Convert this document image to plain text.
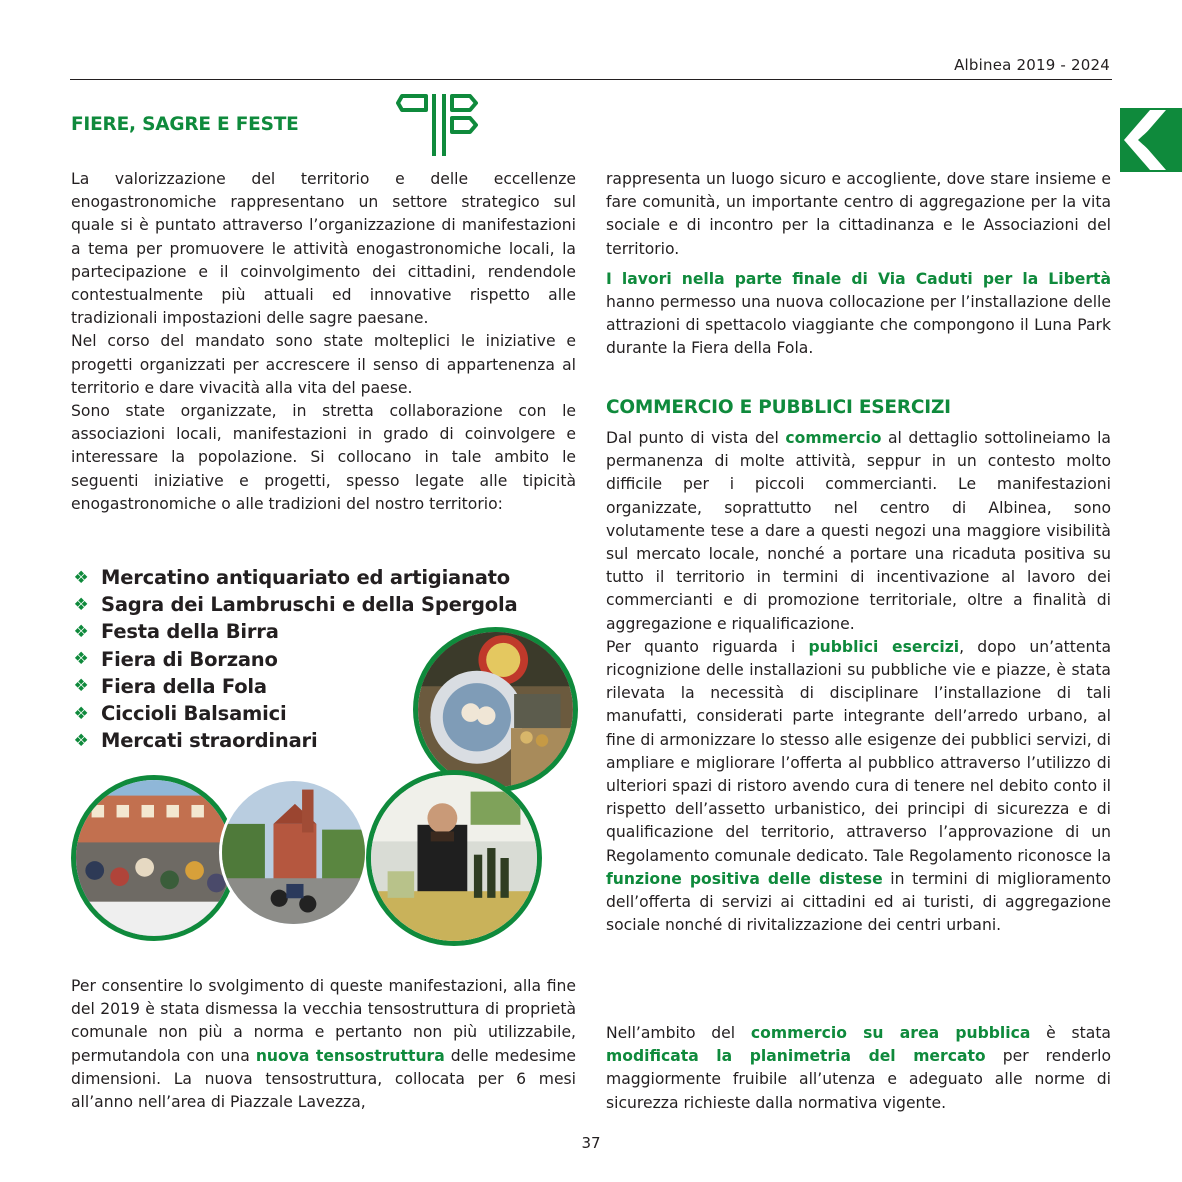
Albinea 2019 - 2024
FIERE, SAGRE E FESTE

La valorizzazione del territorio e delle eccellenze enogastronomiche rappresentano un settore strategico sul quale si è puntato attraverso l’organizzazione di manifestazioni a tema per promuovere le attività enogastronomiche locali, la partecipazione e il coinvolgimento dei cittadini, rendendole contestualmente più attuali ed innovative rispetto alle tradizionali impostazioni delle sagre paesane.

Nel corso del mandato sono state molteplici le iniziative e progetti organizzati per accrescere il senso di appartenenza al territorio e dare vivacità alla vita del paese.

Sono state organizzate, in stretta collaborazione con le associazioni locali, manifestazioni in grado di coinvolgere e interessare la popolazione. Si collocano in tale ambito le seguenti iniziative e progetti, spesso legate alle tipicità enogastronomiche o alle tradizioni del nostro territorio:

❖ Mercatino antiquariato ed artigianato
❖ Sagra dei Lambruschi e della Spergola
❖ Festa della Birra
❖ Fiera di Borzano
❖ Fiera della Fola
❖ Ciccioli Balsamici
❖ Mercati straordinari

Per consentire lo svolgimento di queste manifestazioni, alla fine del 2019 è stata dismessa la vecchia tensostruttura di proprietà comunale non più a norma e pertanto non più utilizzabile, permutandola con una nuova tensostruttura delle medesime dimensioni. La nuova tensostruttura, collocata per 6 mesi all’anno nell’area di Piazzale Lavezza,

rappresenta un luogo sicuro e accogliente, dove stare insieme e fare comunità, un importante centro di aggregazione per la vita sociale e di incontro per la cittadinanza e le Associazioni del territorio.

I lavori nella parte finale di Via Caduti per la Libertà hanno permesso una nuova collocazione per l’installazione delle attrazioni di spettacolo viaggiante che compongono il Luna Park durante la Fiera della Fola.

COMMERCIO E PUBBLICI ESERCIZI

Dal punto di vista del commercio al dettaglio sottolineiamo la permanenza di molte attività, seppur in un contesto molto difficile per i piccoli commercianti. Le manifestazioni organizzate, soprattutto nel centro di Albinea, sono volutamente tese a dare a questi negozi una maggiore visibilità sul mercato locale, nonché a portare una ricaduta positiva su tutto il territorio in termini di incentivazione al lavoro dei commercianti e di promozione territoriale, oltre a finalità di aggregazione e riqualificazione.

Per quanto riguarda i pubblici esercizi, dopo un’attenta ricognizione delle installazioni su pubbliche vie e piazze, è stata rilevata la necessità di disciplinare l’installazione di tali manufatti, considerati parte integrante dell’arredo urbano, al fine di armonizzare lo stesso alle esigenze dei pubblici servizi, di ampliare e migliorare l’offerta al pubblico attraverso l’utilizzo di ulteriori spazi di ristoro avendo cura di tenere nel debito conto il rispetto dell’assetto urbanistico, dei principi di sicurezza e di qualificazione del territorio, attraverso l’approvazione di un Regolamento comunale dedicato. Tale Regolamento riconosce la funzione positiva delle distese in termini di miglioramento dell’offerta di servizi ai cittadini ed ai turisti, di aggregazione sociale nonché di rivitalizzazione dei centri urbani.

Nell’ambito del commercio su area pubblica è stata modificata la planimetria del mercato per renderlo maggiormente fruibile all’utenza e adeguato alle norme di sicurezza richieste dalla normativa vigente.

37
